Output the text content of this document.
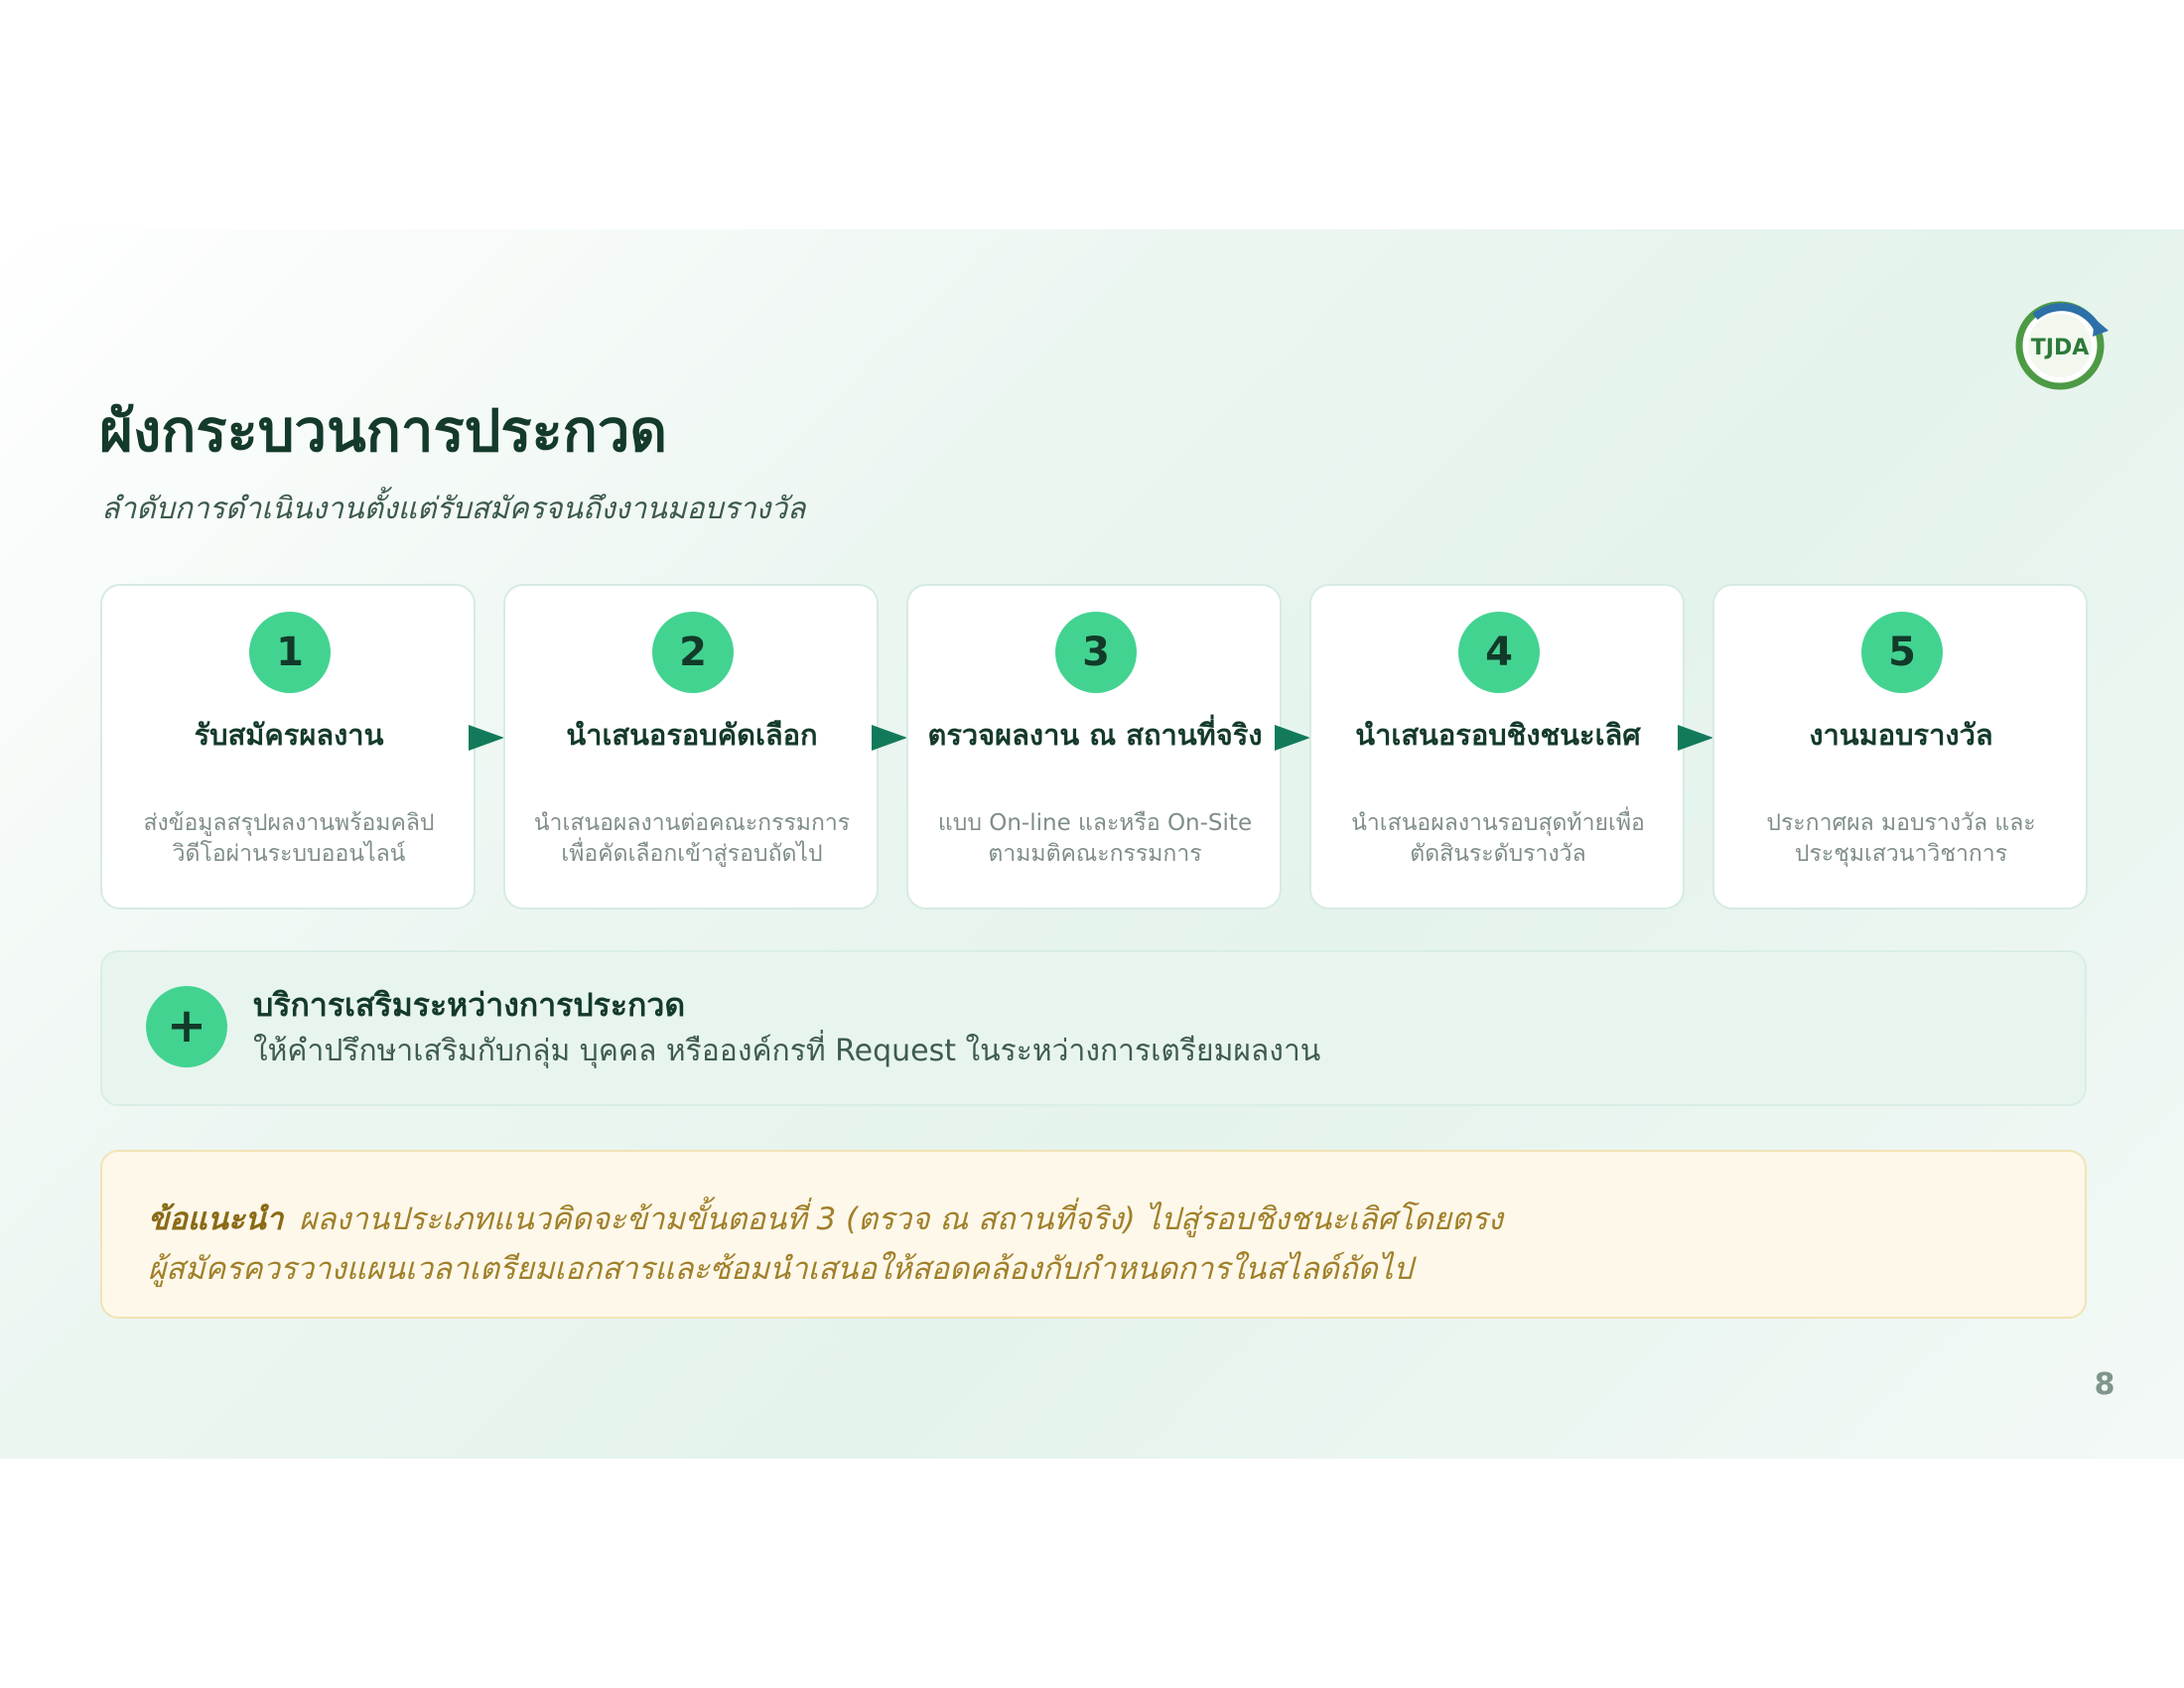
TJDA
ผังกระบวนการประกวด
ลำดับการดำเนินงานตั้งแต่รับสมัครจนถึงงานมอบรางวัล
1
รับสมัครผลงาน
ส่งข้อมูลสรุปผลงานพร้อมคลิป
วิดีโอผ่านระบบออนไลน์
2
นำเสนอรอบคัดเลือก
นำเสนอผลงานต่อคณะกรรมการ
เพื่อคัดเลือกเข้าสู่รอบถัดไป
3
ตรวจผลงาน ณ สถานที่จริง
แบบ On-line และหรือ On-Site
ตามมติคณะกรรมการ
4
นำเสนอรอบชิงชนะเลิศ
นำเสนอผลงานรอบสุดท้ายเพื่อ
ตัดสินระดับรางวัล
5
งานมอบรางวัล
ประกาศผล มอบรางวัล และ
ประชุมเสวนาวิชาการ
+	บริการเสริมระหว่างการประกวด
ให้คำปรึกษาเสริมกับกลุ่ม บุคคล หรือองค์กรที่ Request ในระหว่างการเตรียมผลงาน
ข้อแนะนำ ผลงานประเภทแนวคิดจะข้ามขั้นตอนที่ 3 (ตรวจ ณ สถานที่จริง) ไปสู่รอบชิงชนะเลิศโดยตรง
ผู้สมัครควรวางแผนเวลาเตรียมเอกสารและซ้อมนำเสนอให้สอดคล้องกับกำหนดการในสไลด์ถัดไป
8
